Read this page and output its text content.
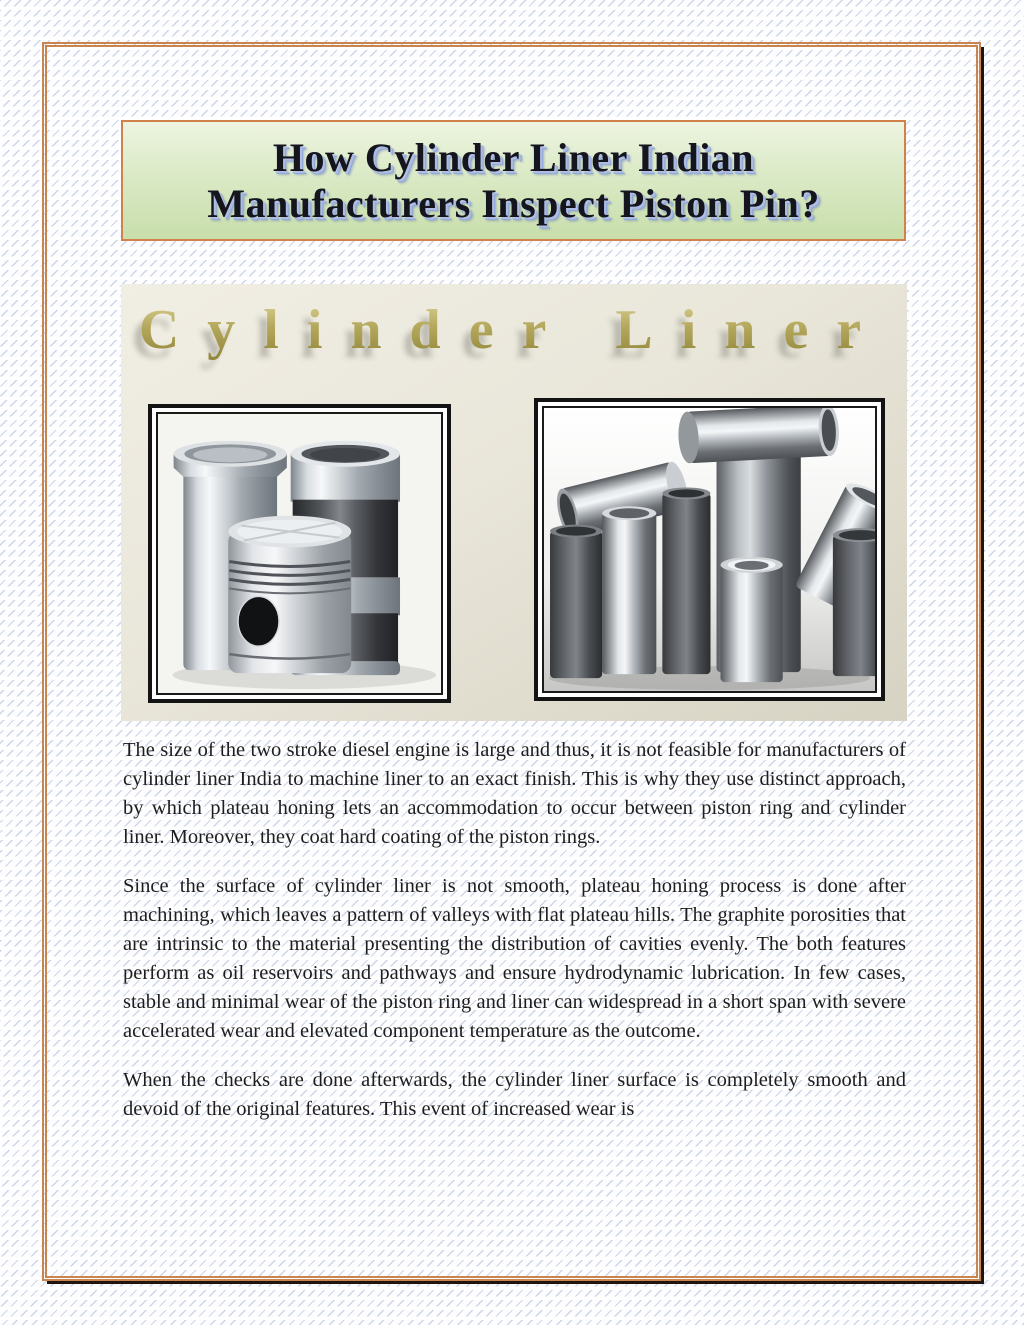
How Cylinder Liner Indian
Manufacturers Inspect Piston Pin?
Cylinder Liner

The size of the two stroke diesel engine is large and thus, it is not feasible for manufacturers of cylinder liner India to machine liner to an exact finish. This is why they use distinct approach, by which plateau honing lets an accommodation to occur between piston ring and cylinder liner. Moreover, they coat hard coating of the piston rings.

Since the surface of cylinder liner is not smooth, plateau honing process is done after machining, which leaves a pattern of valleys with flat plateau hills. The graphite porosities that are intrinsic to the material presenting the distribution of cavities evenly. The both features perform as oil reservoirs and pathways and ensure hydrodynamic lubrication. In few cases, stable and minimal wear of the piston ring and liner can widespread in a short span with severe accelerated wear and elevated component temperature as the outcome.

When the checks are done afterwards, the cylinder liner surface is completely smooth and devoid of the original features. This event of increased wear is
